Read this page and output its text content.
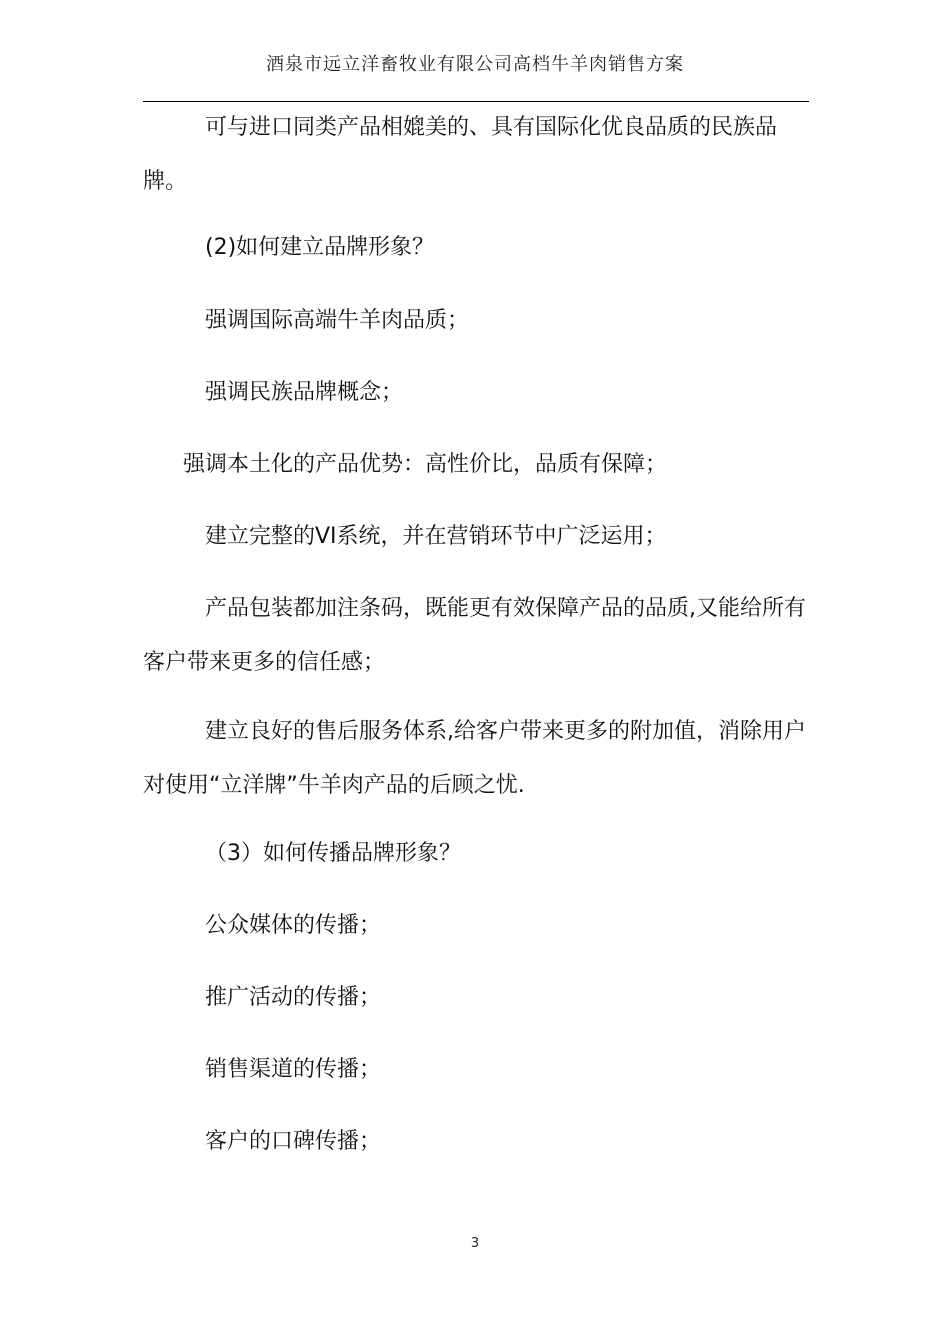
酒泉市远立洋畜牧业有限公司高档牛羊肉销售方案

可与进口同类产品相媲美的、具有国际化优良品质的民族品牌。

(2)如何建立品牌形象？

强调国际高端牛羊肉品质；

强调民族品牌概念；

强调本土化的产品优势：高性价比，品质有保障；

建立完整的VI系统，并在营销环节中广泛运用；

产品包装都加注条码，既能更有效保障产品的品质,又能给所有客户带来更多的信任感；

建立良好的售后服务体系,给客户带来更多的附加值，消除用户对使用“立洋牌”牛羊肉产品的后顾之忧.

（3）如何传播品牌形象？

公众媒体的传播；

推广活动的传播；

销售渠道的传播；

客户的口碑传播；

3
